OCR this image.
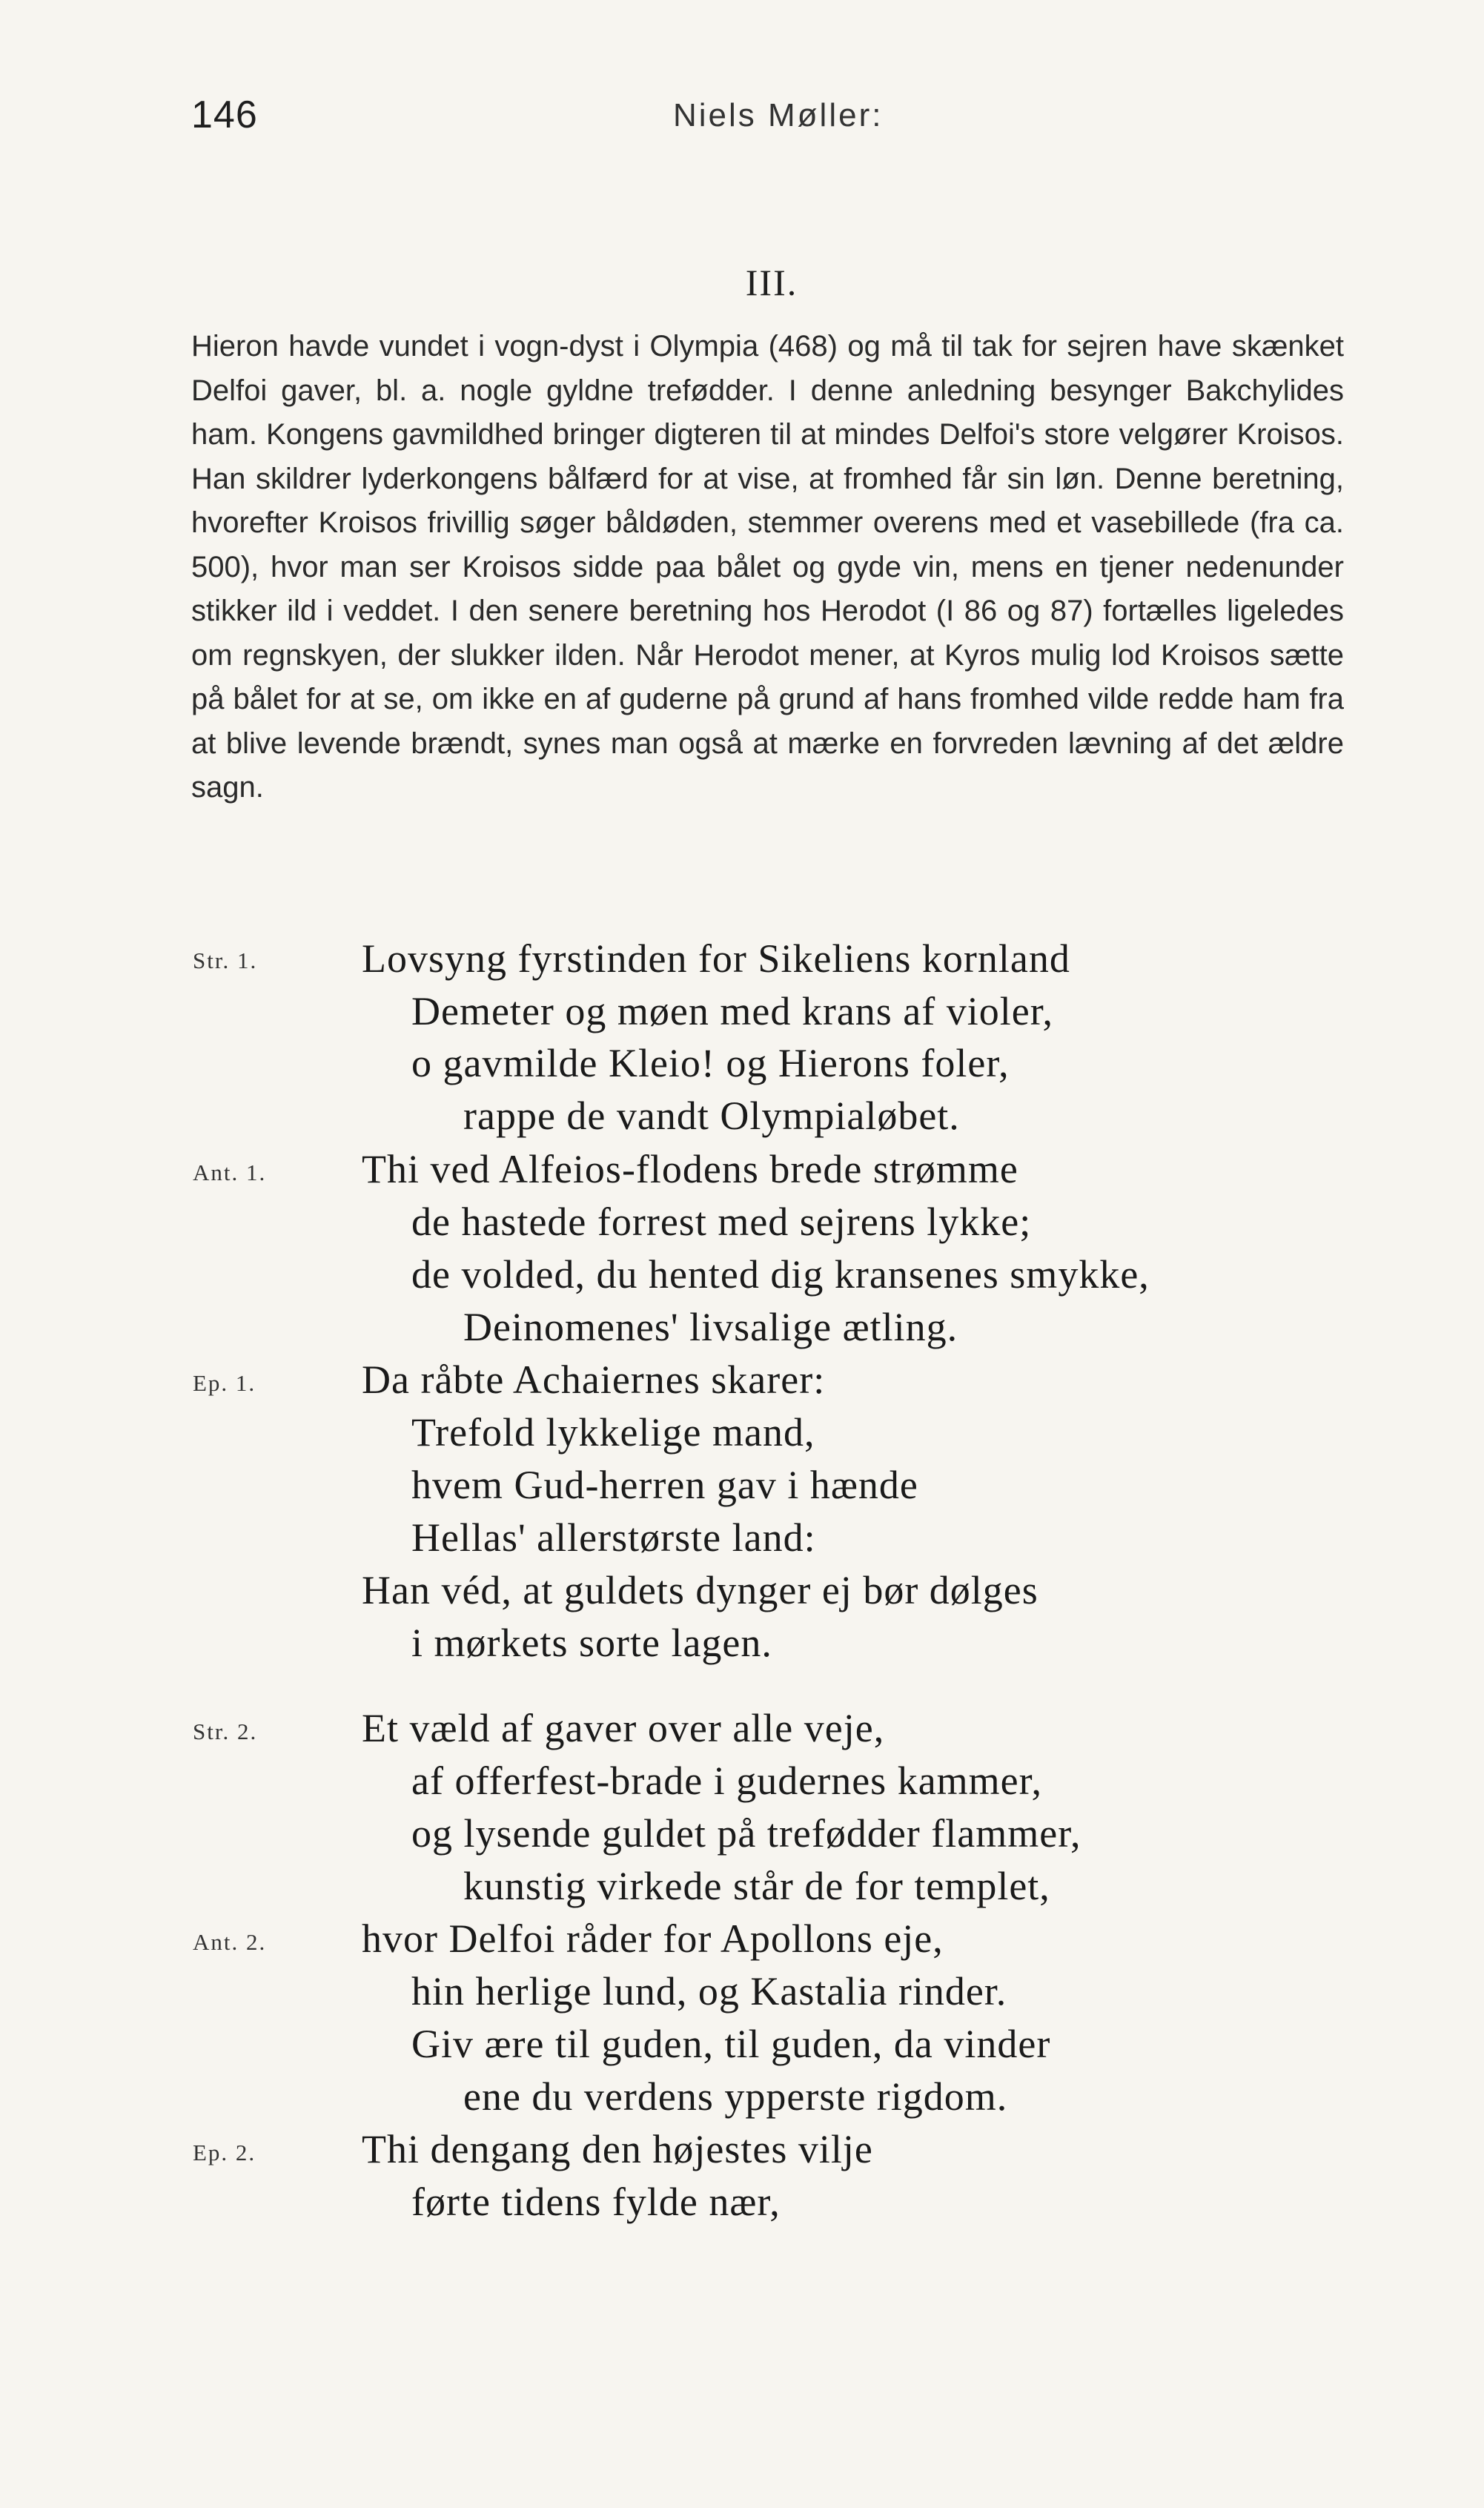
146	Niels Møller:
III.

Hieron havde vundet i vogn-dyst i Olympia (468) og må til tak for sejren have skænket Delfoi gaver, bl. a. nogle gyldne trefødder. I denne anledning besynger Bakchylides ham. Kongens gavmildhed bringer digteren til at mindes Delfoi's store velgører Kroisos. Han skildrer lyderkongens bålfærd for at vise, at fromhed får sin løn. Denne beretning, hvorefter Kroisos frivillig søger båldøden, stemmer overens med et vasebillede (fra ca. 500), hvor man ser Kroisos sidde paa bålet og gyde vin, mens en tjener nedenunder stikker ild i veddet. I den senere beretning hos Herodot (I 86 og 87) fortælles ligeledes om regnskyen, der slukker ilden. Når Herodot mener, at Kyros mulig lod Kroisos sætte på bålet for at se, om ikke en af guderne på grund af hans fromhed vilde redde ham fra at blive levende brændt, synes man også at mærke en forvreden lævning af det ældre sagn.

Str. 1.	Lovsyng fyrstinden for Sikeliens kornland
Demeter og møen med krans af violer,
o gavmilde Kleio! og Hierons foler,
rappe de vandt Olympialøbet.
Ant. 1. Thi ved Alfeios-flodens brede strømme
de hastede forrest med sejrens lykke;
de volded, du hented dig kransenes smykke,
Deinomenes' livsalige ætling.
Ep. 1.	Da råbte Achaiernes skarer:
Trefold lykkelige mand,
hvem Gud-herren gav i hænde
Hellas' allerstørste land:
Han véd, at guldets dynger ej bør dølges
i mørkets sorte lagen.
Str. 2.	Et væld af gaver over alle veje,
af offerfest-brade i gudernes kammer,
og lysende guldet på trefødder flammer,
kunstig virkede står de for templet,
Ant. 2. hvor Delfoi råder for Apollons eje,
hin herlige lund, og Kastalia rinder.
Giv ære til guden, til guden, da vinder
ene du verdens ypperste rigdom.
Ep. 2.	Thi dengang den højestes vilje
førte tidens fylde nær,
